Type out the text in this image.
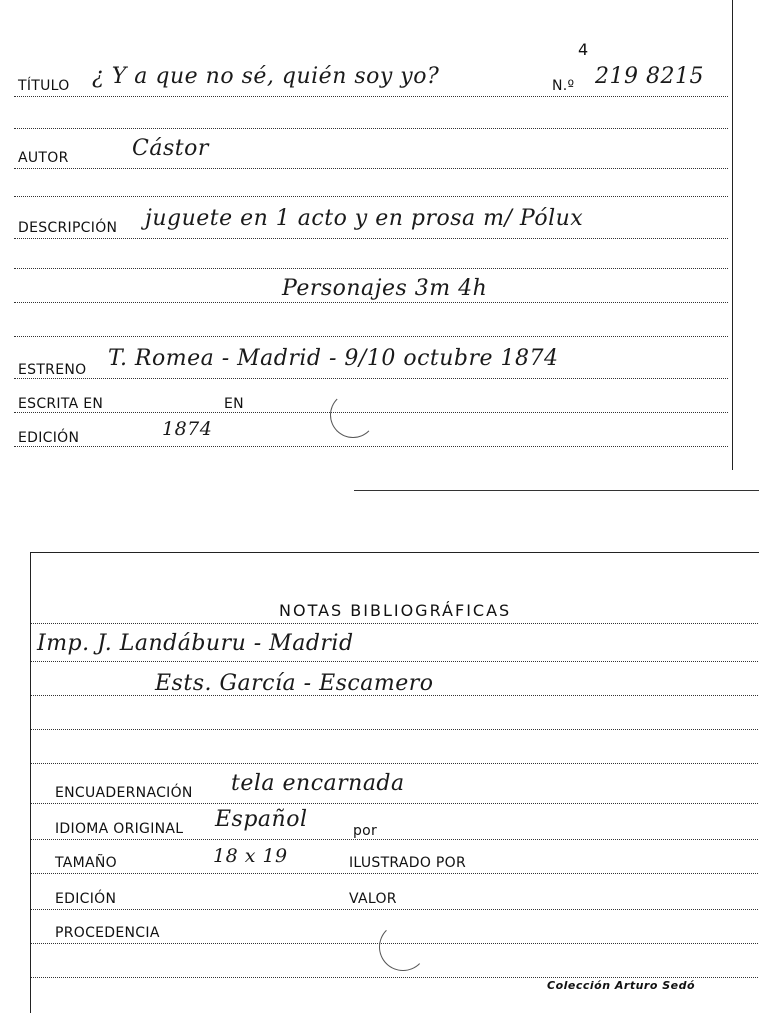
4
TÍTULO ¿ Y a que no sé, quién soy yo?	N.º 219 8215
AUTOR	Cástor
DESCRIPCIÓN juguete en 1 acto y en prosa m/ Pólux
Personajes 3m 4h
ESTRENO T. Romea - Madrid - 9/10 octubre 1874
ESCRITA EN	EN
EDICIÓN	1874
NOTAS BIBLIOGRÁFICAS
Imp. J. Landáburu - Madrid
Ests. García - Escamero
ENCUADERNACIÓN tela encarnada
IDIOMA ORIGINAL Español	por
TAMAÑO	18 x 19	ILUSTRADO POR
EDICIÓN	VALOR
PROCEDENCIA
Colección Arturo Sedó
